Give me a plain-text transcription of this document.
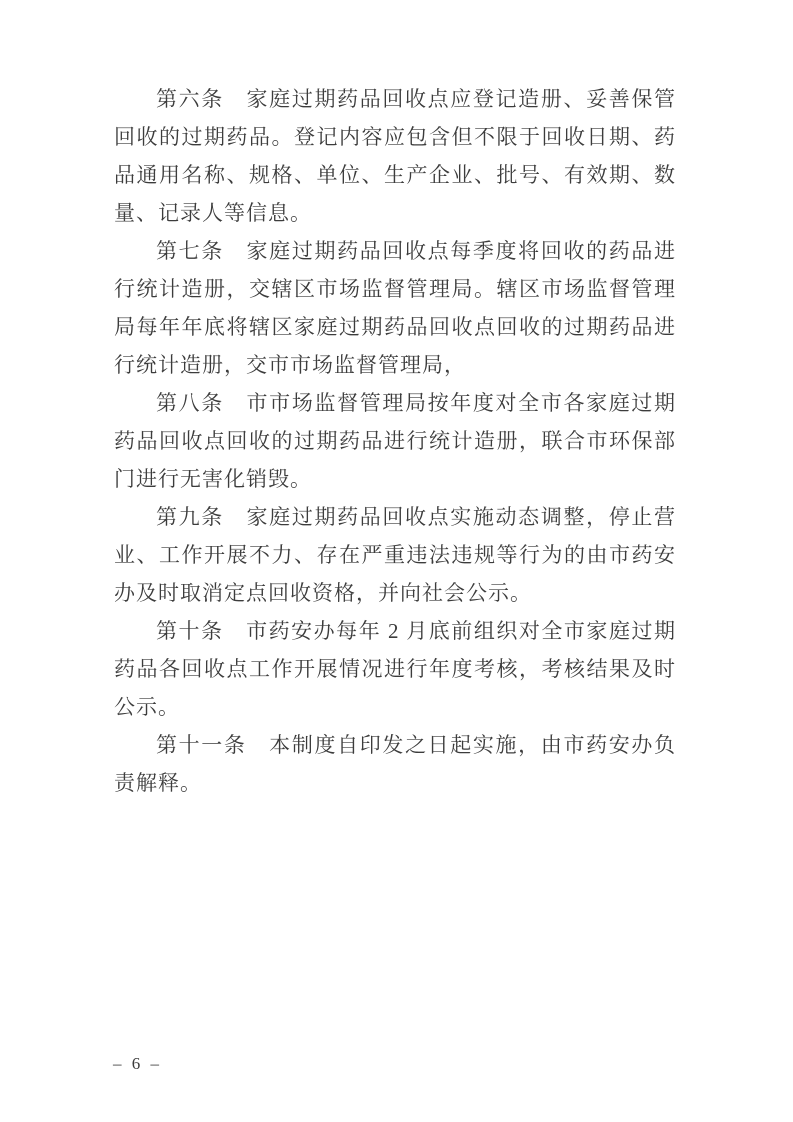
第六条　家庭过期药品回收点应登记造册、妥善保管回收的过期药品。登记内容应包含但不限于回收日期、药品通用名称、规格、单位、生产企业、批号、有效期、数量、记录人等信息。

第七条　家庭过期药品回收点每季度将回收的药品进行统计造册，交辖区市场监督管理局。辖区市场监督管理局每年年底将辖区家庭过期药品回收点回收的过期药品进行统计造册，交市市场监督管理局，

第八条　市市场监督管理局按年度对全市各家庭过期药品回收点回收的过期药品进行统计造册，联合市环保部门进行无害化销毁。

第九条　家庭过期药品回收点实施动态调整，停止营业、工作开展不力、存在严重违法违规等行为的由市药安办及时取消定点回收资格，并向社会公示。

第十条　市药安办每年 2 月底前组织对全市家庭过期药品各回收点工作开展情况进行年度考核，考核结果及时公示。

第十一条　本制度自印发之日起实施，由市药安办负责解释。

– 6 –
